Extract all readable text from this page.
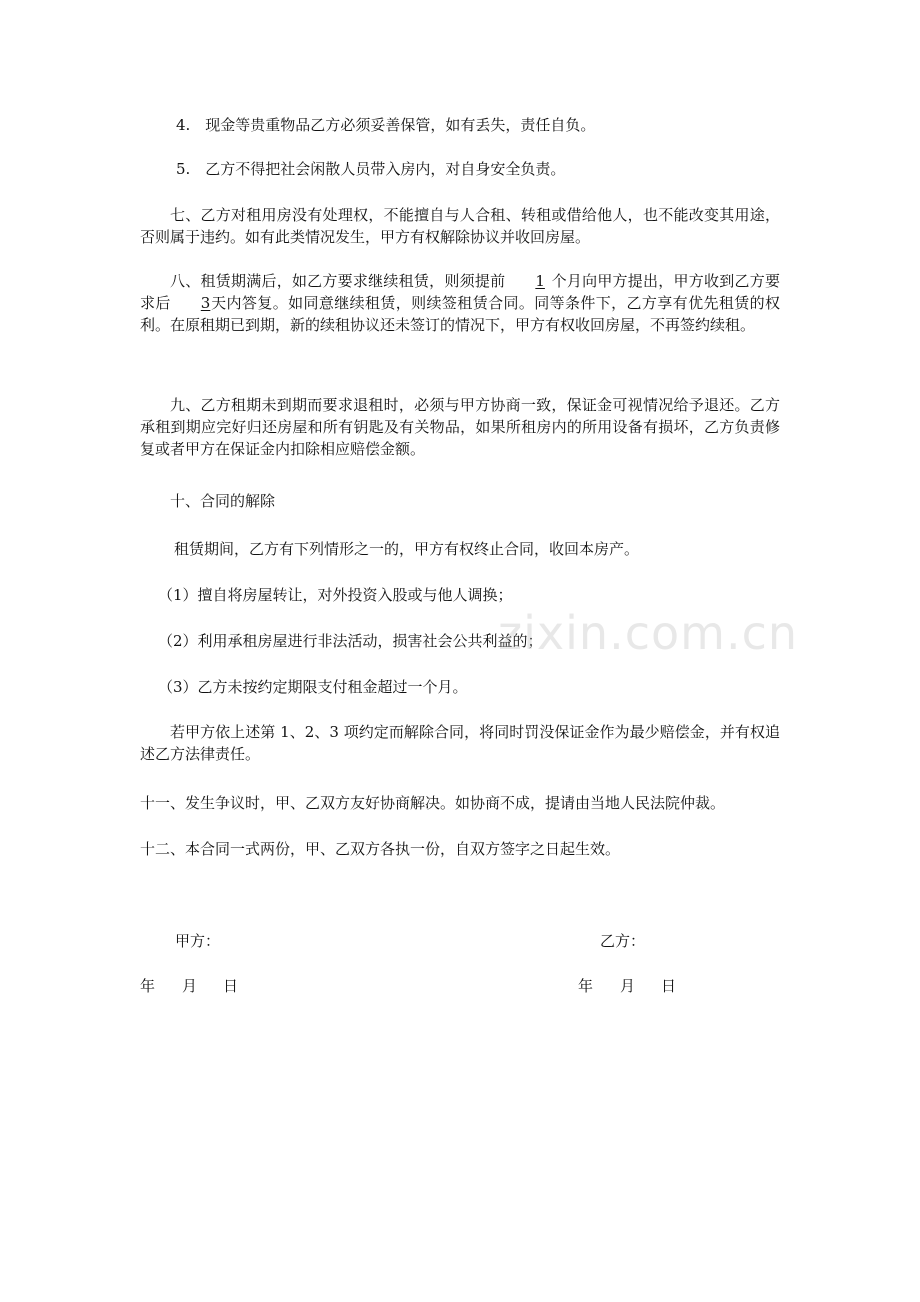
4.　现金等贵重物品乙方必须妥善保管，如有丢失，责任自负。
5.　乙方不得把社会闲散人员带入房内，对自身安全负责。
七、乙方对租用房没有处理权，不能擅自与人合租、转租或借给他人，也不能改变其用途，否则属于违约。如有此类情况发生，甲方有权解除协议并收回房屋。
八、租赁期满后，如乙方要求继续租赁，则须提前 1 个月向甲方提出，甲方收到乙方要求后 3天内答复。如同意继续租赁，则续签租赁合同。同等条件下，乙方享有优先租赁的权利。在原租期已到期，新的续租协议还未签订的情况下，甲方有权收回房屋，不再签约续租。
九、乙方租期未到期而要求退租时，必须与甲方协商一致，保证金可视情况给予退还。乙方承租到期应完好归还房屋和所有钥匙及有关物品，如果所租房内的所用设备有损坏，乙方负责修复或者甲方在保证金内扣除相应赔偿金额。
十、合同的解除
租赁期间，乙方有下列情形之一的，甲方有权终止合同，收回本房产。
（1）擅自将房屋转让，对外投资入股或与他人调换；
（2）利用承租房屋进行非法活动，损害社会公共利益的；
（3）乙方未按约定期限支付租金超过一个月。
若甲方依上述第 1、2、3 项约定而解除合同，将同时罚没保证金作为最少赔偿金，并有权追述乙方法律责任。
十一、发生争议时，甲、乙双方友好协商解决。如协商不成，提请由当地人民法院仲裁。
十二、本合同一式两份，甲、乙双方各执一份，自双方签字之日起生效。
zixin.com.cn
甲方：	乙方：
年 月 日	年 月 日
